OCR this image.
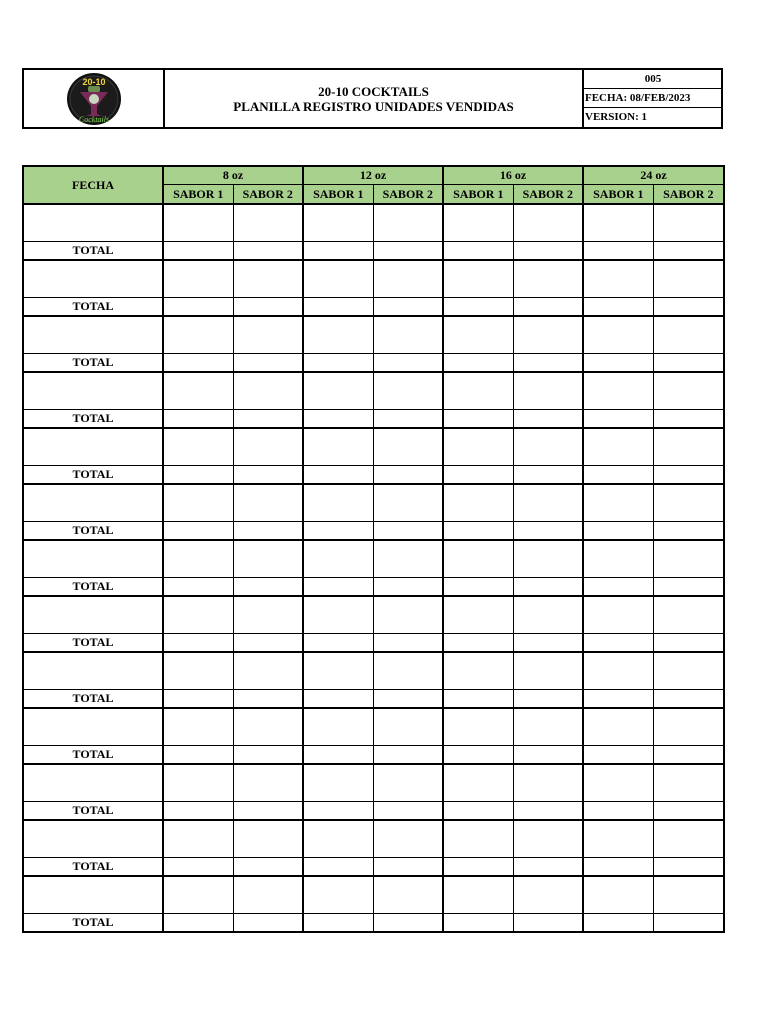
20-10
Cocktails

20-10 COCKTAILS
PLANILLA REGISTRO UNIDADES VENDIDAS

005
FECHA: 08/FEB/2023
VERSION: 1
FECHA	8 oz		12 oz		16 oz		24 oz	
	SABOR 1	SABOR 2	SABOR 1	SABOR 2	SABOR 1	SABOR 2	SABOR 1	SABOR 2

TOTAL								

TOTAL								

TOTAL								

TOTAL								

TOTAL								

TOTAL								

TOTAL								

TOTAL								

TOTAL								

TOTAL								

TOTAL								

TOTAL								

TOTAL								
